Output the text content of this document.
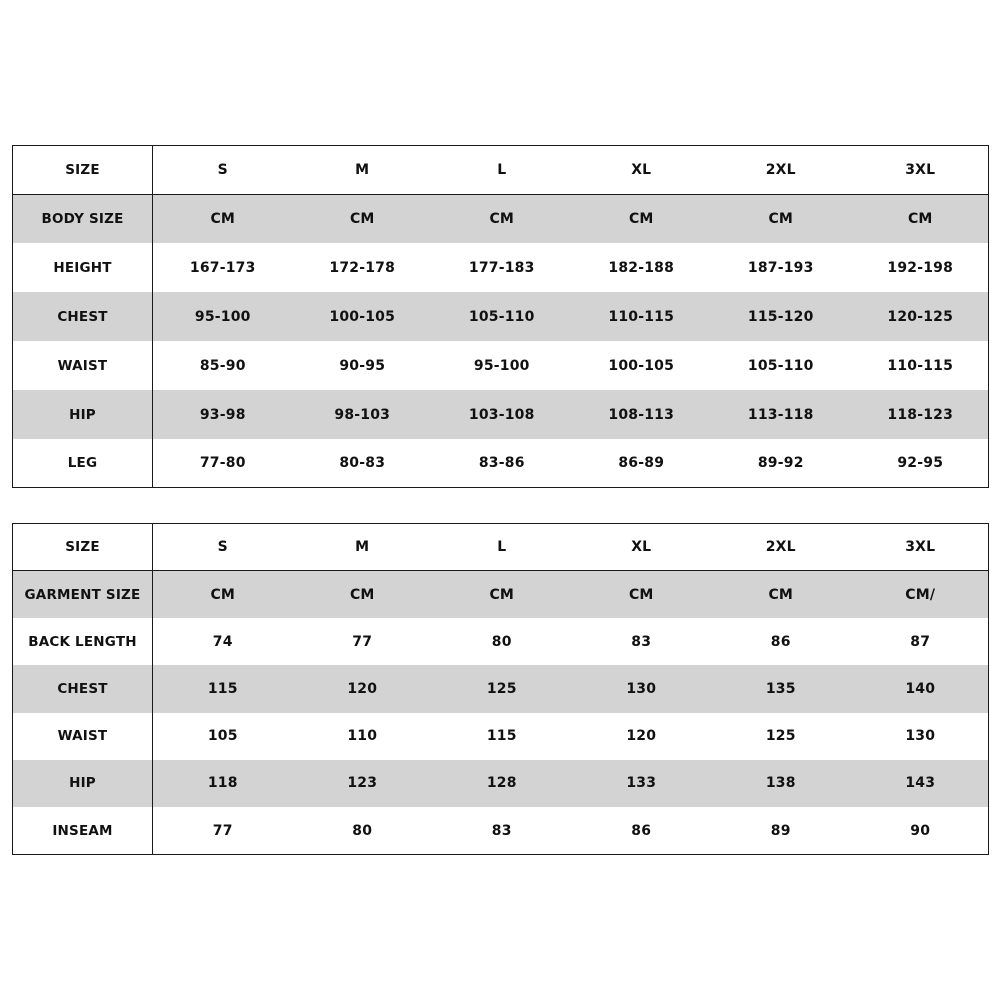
SIZE	S	M	L	XL	2XL	3XL
BODY SIZE	CM	CM	CM	CM	CM	CM
HEIGHT	167-173	172-178	177-183	182-188	187-193	192-198
CHEST	95-100	100-105	105-110	110-115	115-120	120-125
WAIST	85-90	90-95	95-100	100-105	105-110	110-115
HIP	93-98	98-103	103-108	108-113	113-118	118-123
LEG	77-80	80-83	83-86	86-89	89-92	92-95
SIZE	S	M	L	XL	2XL	3XL
GARMENT SIZE	CM	CM	CM	CM	CM	CM/
BACK LENGTH	74	77	80	83	86	87
CHEST	115	120	125	130	135	140
WAIST	105	110	115	120	125	130
HIP	118	123	128	133	138	143
INSEAM	77	80	83	86	89	90
